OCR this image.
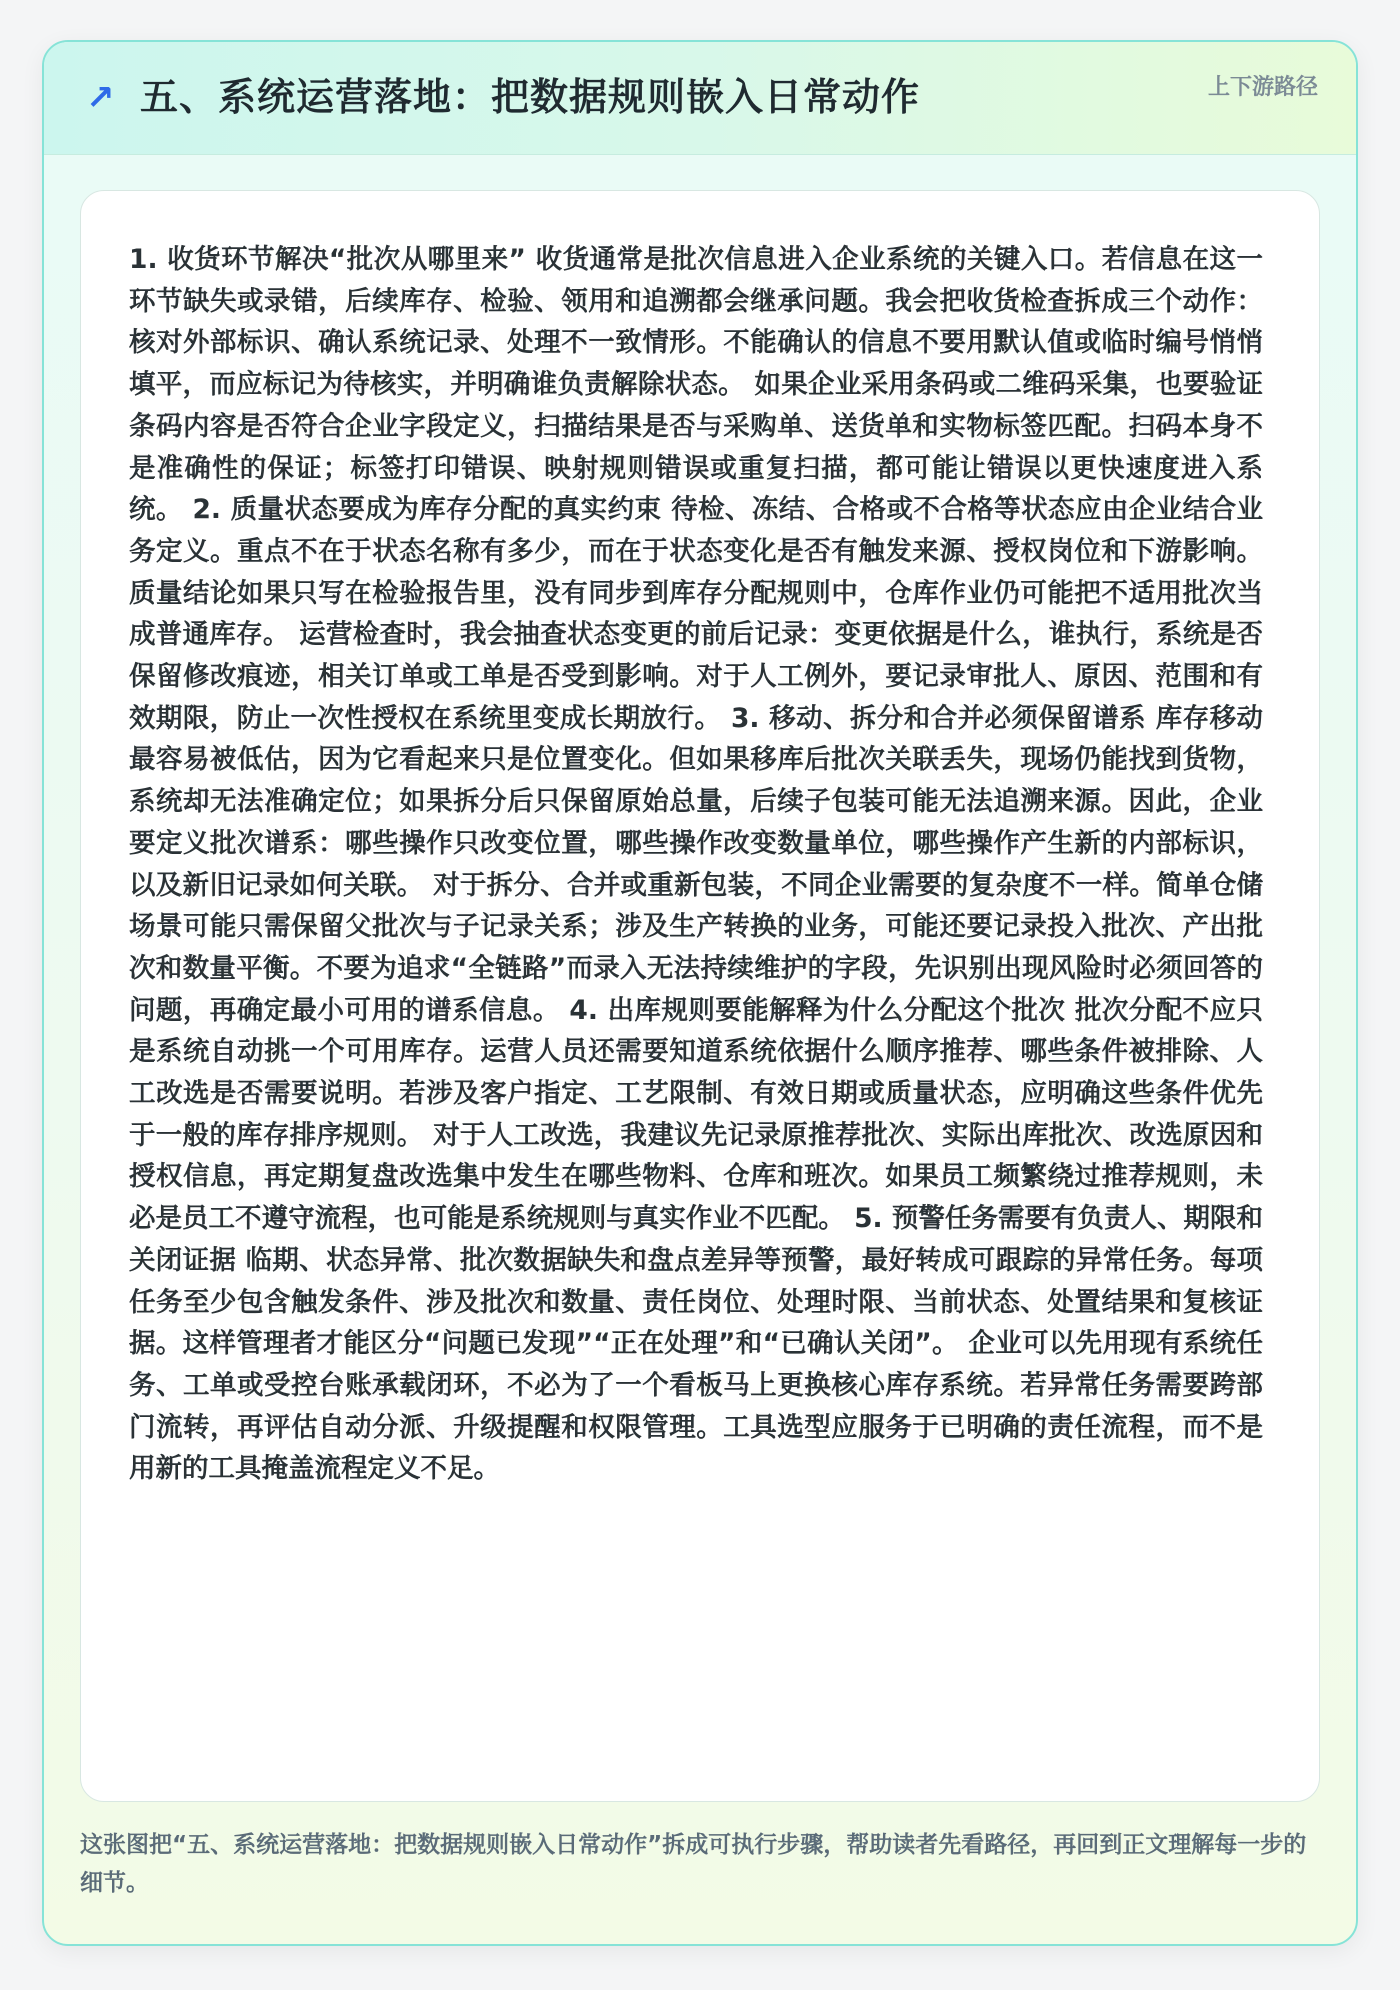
↗ 五、系统运营落地：把数据规则嵌入日常动作	上下游路径

1. 收货环节解决“批次从哪里来” 收货通常是批次信息进入企业系统的关键入口。若信息在这一环节缺失或录错，后续库存、检验、领用和追溯都会继承问题。我会把收货检查拆成三个动作：核对外部标识、确认系统记录、处理不一致情形。不能确认的信息不要用默认值或临时编号悄悄填平，而应标记为待核实，并明确谁负责解除状态。 如果企业采用条码或二维码采集，也要验证条码内容是否符合企业字段定义，扫描结果是否与采购单、送货单和实物标签匹配。扫码本身不是准确性的保证；标签打印错误、映射规则错误或重复扫描，都可能让错误以更快速度进入系统。 2. 质量状态要成为库存分配的真实约束 待检、冻结、合格或不合格等状态应由企业结合业务定义。重点不在于状态名称有多少，而在于状态变化是否有触发来源、授权岗位和下游影响。质量结论如果只写在检验报告里，没有同步到库存分配规则中，仓库作业仍可能把不适用批次当成普通库存。 运营检查时，我会抽查状态变更的前后记录：变更依据是什么，谁执行，系统是否保留修改痕迹，相关订单或工单是否受到影响。对于人工例外，要记录审批人、原因、范围和有效期限，防止一次性授权在系统里变成长期放行。 3. 移动、拆分和合并必须保留谱系 库存移动最容易被低估，因为它看起来只是位置变化。但如果移库后批次关联丢失，现场仍能找到货物，系统却无法准确定位；如果拆分后只保留原始总量，后续子包装可能无法追溯来源。因此，企业要定义批次谱系：哪些操作只改变位置，哪些操作改变数量单位，哪些操作产生新的内部标识，以及新旧记录如何关联。 对于拆分、合并或重新包装，不同企业需要的复杂度不一样。简单仓储场景可能只需保留父批次与子记录关系；涉及生产转换的业务，可能还要记录投入批次、产出批次和数量平衡。不要为追求“全链路”而录入无法持续维护的字段，先识别出现风险时必须回答的问题，再确定最小可用的谱系信息。 4. 出库规则要能解释为什么分配这个批次 批次分配不应只是系统自动挑一个可用库存。运营人员还需要知道系统依据什么顺序推荐、哪些条件被排除、人工改选是否需要说明。若涉及客户指定、工艺限制、有效日期或质量状态，应明确这些条件优先于一般的库存排序规则。 对于人工改选，我建议先记录原推荐批次、实际出库批次、改选原因和授权信息，再定期复盘改选集中发生在哪些物料、仓库和班次。如果员工频繁绕过推荐规则，未必是员工不遵守流程，也可能是系统规则与真实作业不匹配。 5. 预警任务需要有负责人、期限和关闭证据 临期、状态异常、批次数据缺失和盘点差异等预警，最好转成可跟踪的异常任务。每项任务至少包含触发条件、涉及批次和数量、责任岗位、处理时限、当前状态、处置结果和复核证据。这样管理者才能区分“问题已发现”“正在处理”和“已确认关闭”。 企业可以先用现有系统任务、工单或受控台账承载闭环，不必为了一个看板马上更换核心库存系统。若异常任务需要跨部门流转，再评估自动分派、升级提醒和权限管理。工具选型应服务于已明确的责任流程，而不是用新的工具掩盖流程定义不足。

这张图把“五、系统运营落地：把数据规则嵌入日常动作”拆成可执行步骤，帮助读者先看路径，再回到正文理解每一步的细节。
